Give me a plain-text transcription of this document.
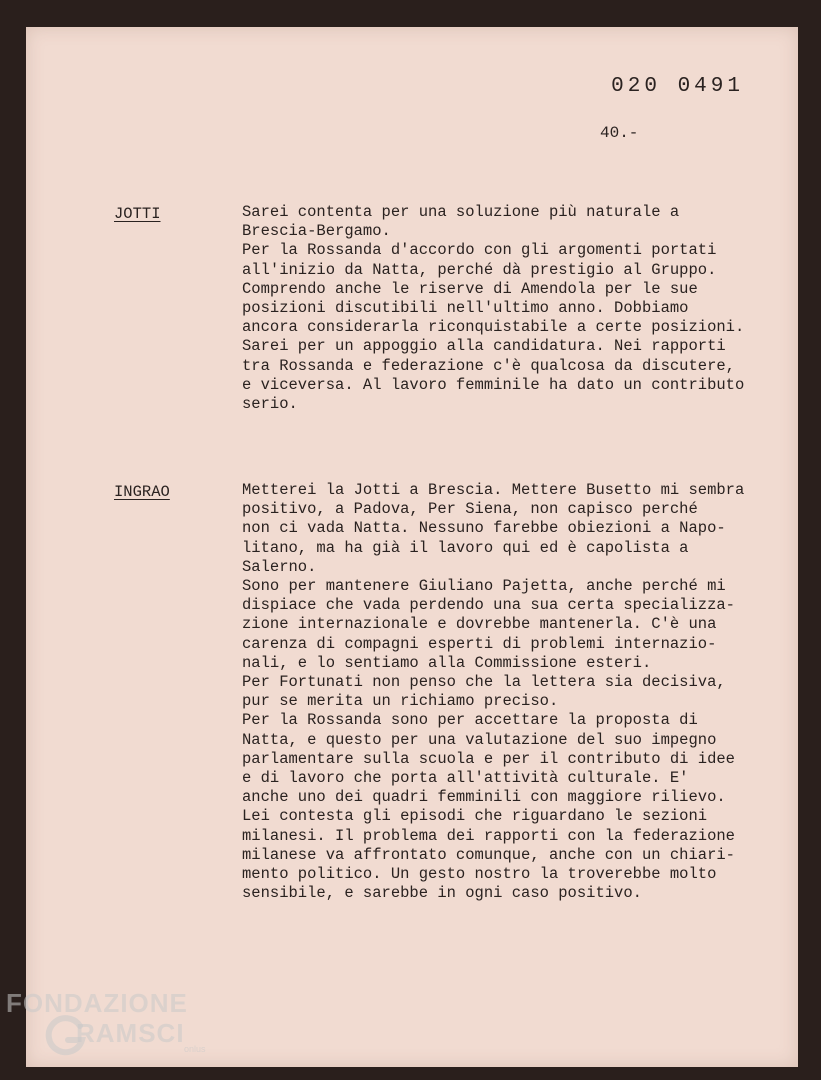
020 0491
40.-
JOTTI	Sarei contenta per una soluzione più naturale a
Brescia-Bergamo.
Per la Rossanda d'accordo con gli argomenti portati
all'inizio da Natta, perché dà prestigio al Gruppo.
Comprendo anche le riserve di Amendola per le sue
posizioni discutibili nell'ultimo anno. Dobbiamo
ancora considerarla riconquistabile a certe posizioni.
Sarei per un appoggio alla candidatura. Nei rapporti
tra Rossanda e federazione c'è qualcosa da discutere,
e viceversa. Al lavoro femminile ha dato un contributo
serio.
INGRAO	Metterei la Jotti a Brescia. Mettere Busetto mi sembra
positivo, a Padova, Per Siena, non capisco perché
non ci vada Natta. Nessuno farebbe obiezioni a Napo-
litano, ma ha già il lavoro qui ed è capolista a
Salerno.
Sono per mantenere Giuliano Pajetta, anche perché mi
dispiace che vada perdendo una sua certa specializza-
zione internazionale e dovrebbe mantenerla. C'è una
carenza di compagni esperti di problemi internazio-
nali, e lo sentiamo alla Commissione esteri.
Per Fortunati non penso che la lettera sia decisiva,
pur se merita un richiamo preciso.
Per la Rossanda sono per accettare la proposta di
Natta, e questo per una valutazione del suo impegno
parlamentare sulla scuola e per il contributo di idee
e di lavoro che porta all'attività culturale. E'
anche uno dei quadri femminili con maggiore rilievo.
Lei contesta gli episodi che riguardano le sezioni
milanesi. Il problema dei rapporti con la federazione
milanese va affrontato comunque, anche con un chiari-
mento politico. Un gesto nostro la troverebbe molto
sensibile, e sarebbe in ogni caso positivo.
FONDAZIONE
RAMSCI
onlus
